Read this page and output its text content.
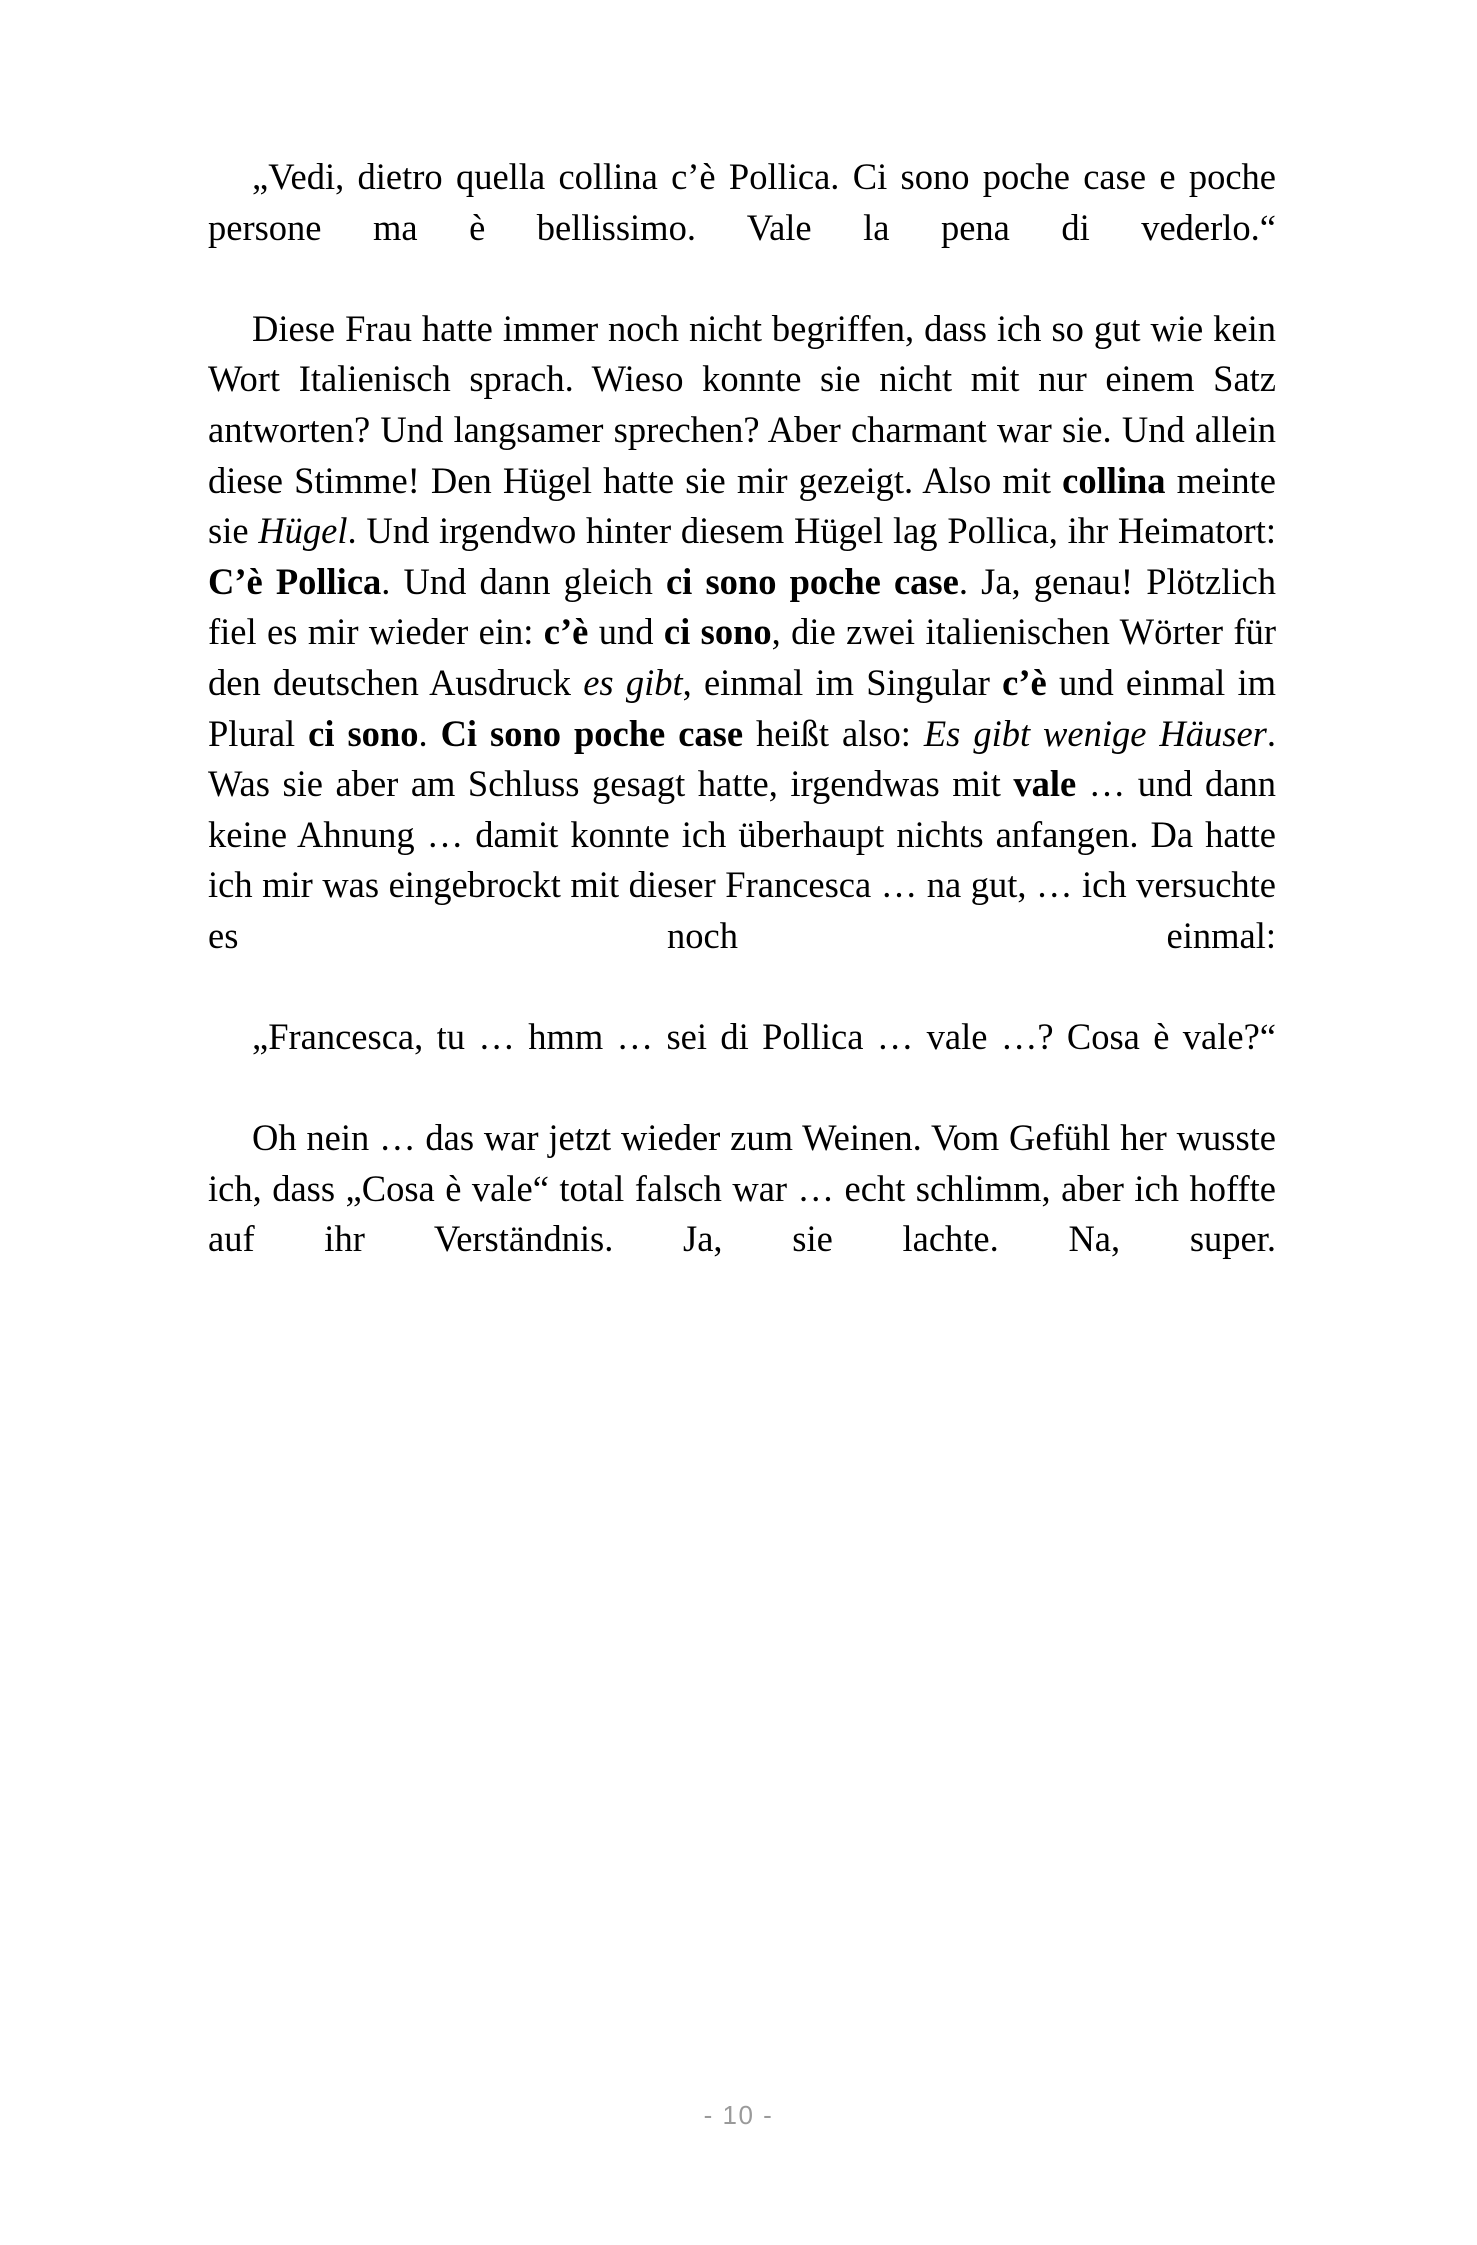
„Vedi, dietro quella collina c’è Pollica. Ci sono poche case e poche persone ma è bellissimo. Vale la pena di vederlo.“

Diese Frau hatte immer noch nicht begriffen, dass ich so gut wie kein Wort Italienisch sprach. Wieso konnte sie nicht mit nur einem Satz antworten? Und langsamer sprechen? Aber charmant war sie. Und allein diese Stimme! Den Hügel hatte sie mir gezeigt. Also mit collina meinte sie Hügel. Und irgendwo hinter diesem Hügel lag Pollica, ihr Heimatort: C’è Pollica. Und dann gleich ci sono poche case. Ja, genau! Plötzlich fiel es mir wieder ein: c’è und ci sono, die zwei italienischen Wörter für den deutschen Ausdruck es gibt, einmal im Singular c’è und einmal im Plural ci sono. Ci sono poche case heißt also: Es gibt wenige Häuser. Was sie aber am Schluss gesagt hatte, irgendwas mit vale … und dann keine Ahnung … damit konnte ich überhaupt nichts anfangen. Da hatte ich mir was eingebrockt mit dieser Francesca … na gut, … ich versuchte es noch einmal:

„Francesca, tu … hmm … sei di Pollica … vale …? Cosa è vale?“

Oh nein … das war jetzt wieder zum Weinen. Vom Gefühl her wusste ich, dass „Cosa è vale“ total falsch war … echt schlimm, aber ich hoffte auf ihr Verständnis. Ja, sie lachte. Na, super.

- 10 -
